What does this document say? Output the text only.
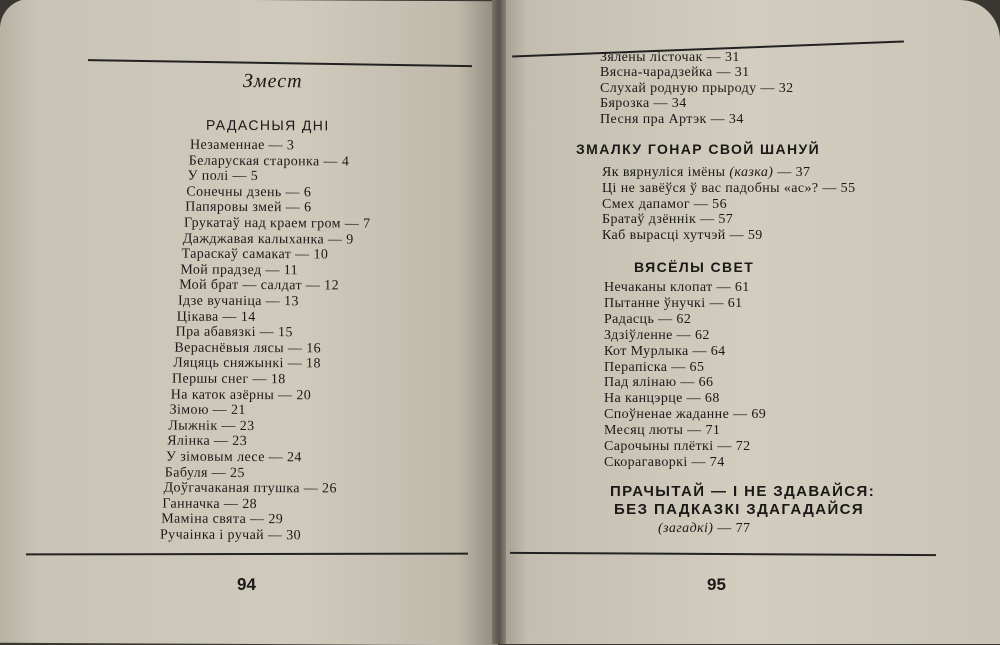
Змест
РАДАСНЫЯ ДНІ
Незаменнае — 3
Беларуская старонка — 4
У полі — 5
Сонечны дзень — 6
Папяровы змей — 6
Грукатаў над краем гром — 7
Дажджавая калыханка — 9
Тараскаў самакат — 10
Мой прадзед — 11
Мой брат — салдат — 12
Ідзе вучаніца — 13
Цікава — 14
Пра абавязкі — 15
Вераснёвыя лясы — 16
Ляцяць сняжынкі — 18
Першы снег — 18
На каток азёрны — 20
Зімою — 21
Лыжнік — 23
Ялінка — 23
У зімовым лесе — 24
Бабуля — 25
Доўгачаканая птушка — 26
Ганначка — 28
Маміна свята — 29
Ручаінка і ручай — 30
94
Зялёны лісточак — 31
Вясна-чарадзейка — 31
Слухай родную прыроду — 32
Бярозка — 34
Песня пра Артэк — 34
ЗМАЛКУ ГОНАР СВОЙ ШАНУЙ
Як вярнуліся імёны (казка) — 37
Ці не завёўся ў вас падобны «ас»? — 55
Смех дапамог — 56
Братаў дзённік — 57
Каб вырасці хутчэй — 59
ВЯСЁЛЫ СВЕТ
Нечаканы клопат — 61
Пытанне ўнучкі — 61
Радасць — 62
Здзіўленне — 62
Кот Мурлыка — 64
Перапіска — 65
Пад ялінаю — 66
На канцэрце — 68
Споўненае жаданне — 69
Месяц люты — 71
Сарочыны плёткі — 72
Скорагаворкі — 74
ПРАЧЫТАЙ — І НЕ ЗДАВАЙСЯ:
БЕЗ ПАДКАЗКІ ЗДАГАДАЙСЯ
(загадкі) — 77
95
